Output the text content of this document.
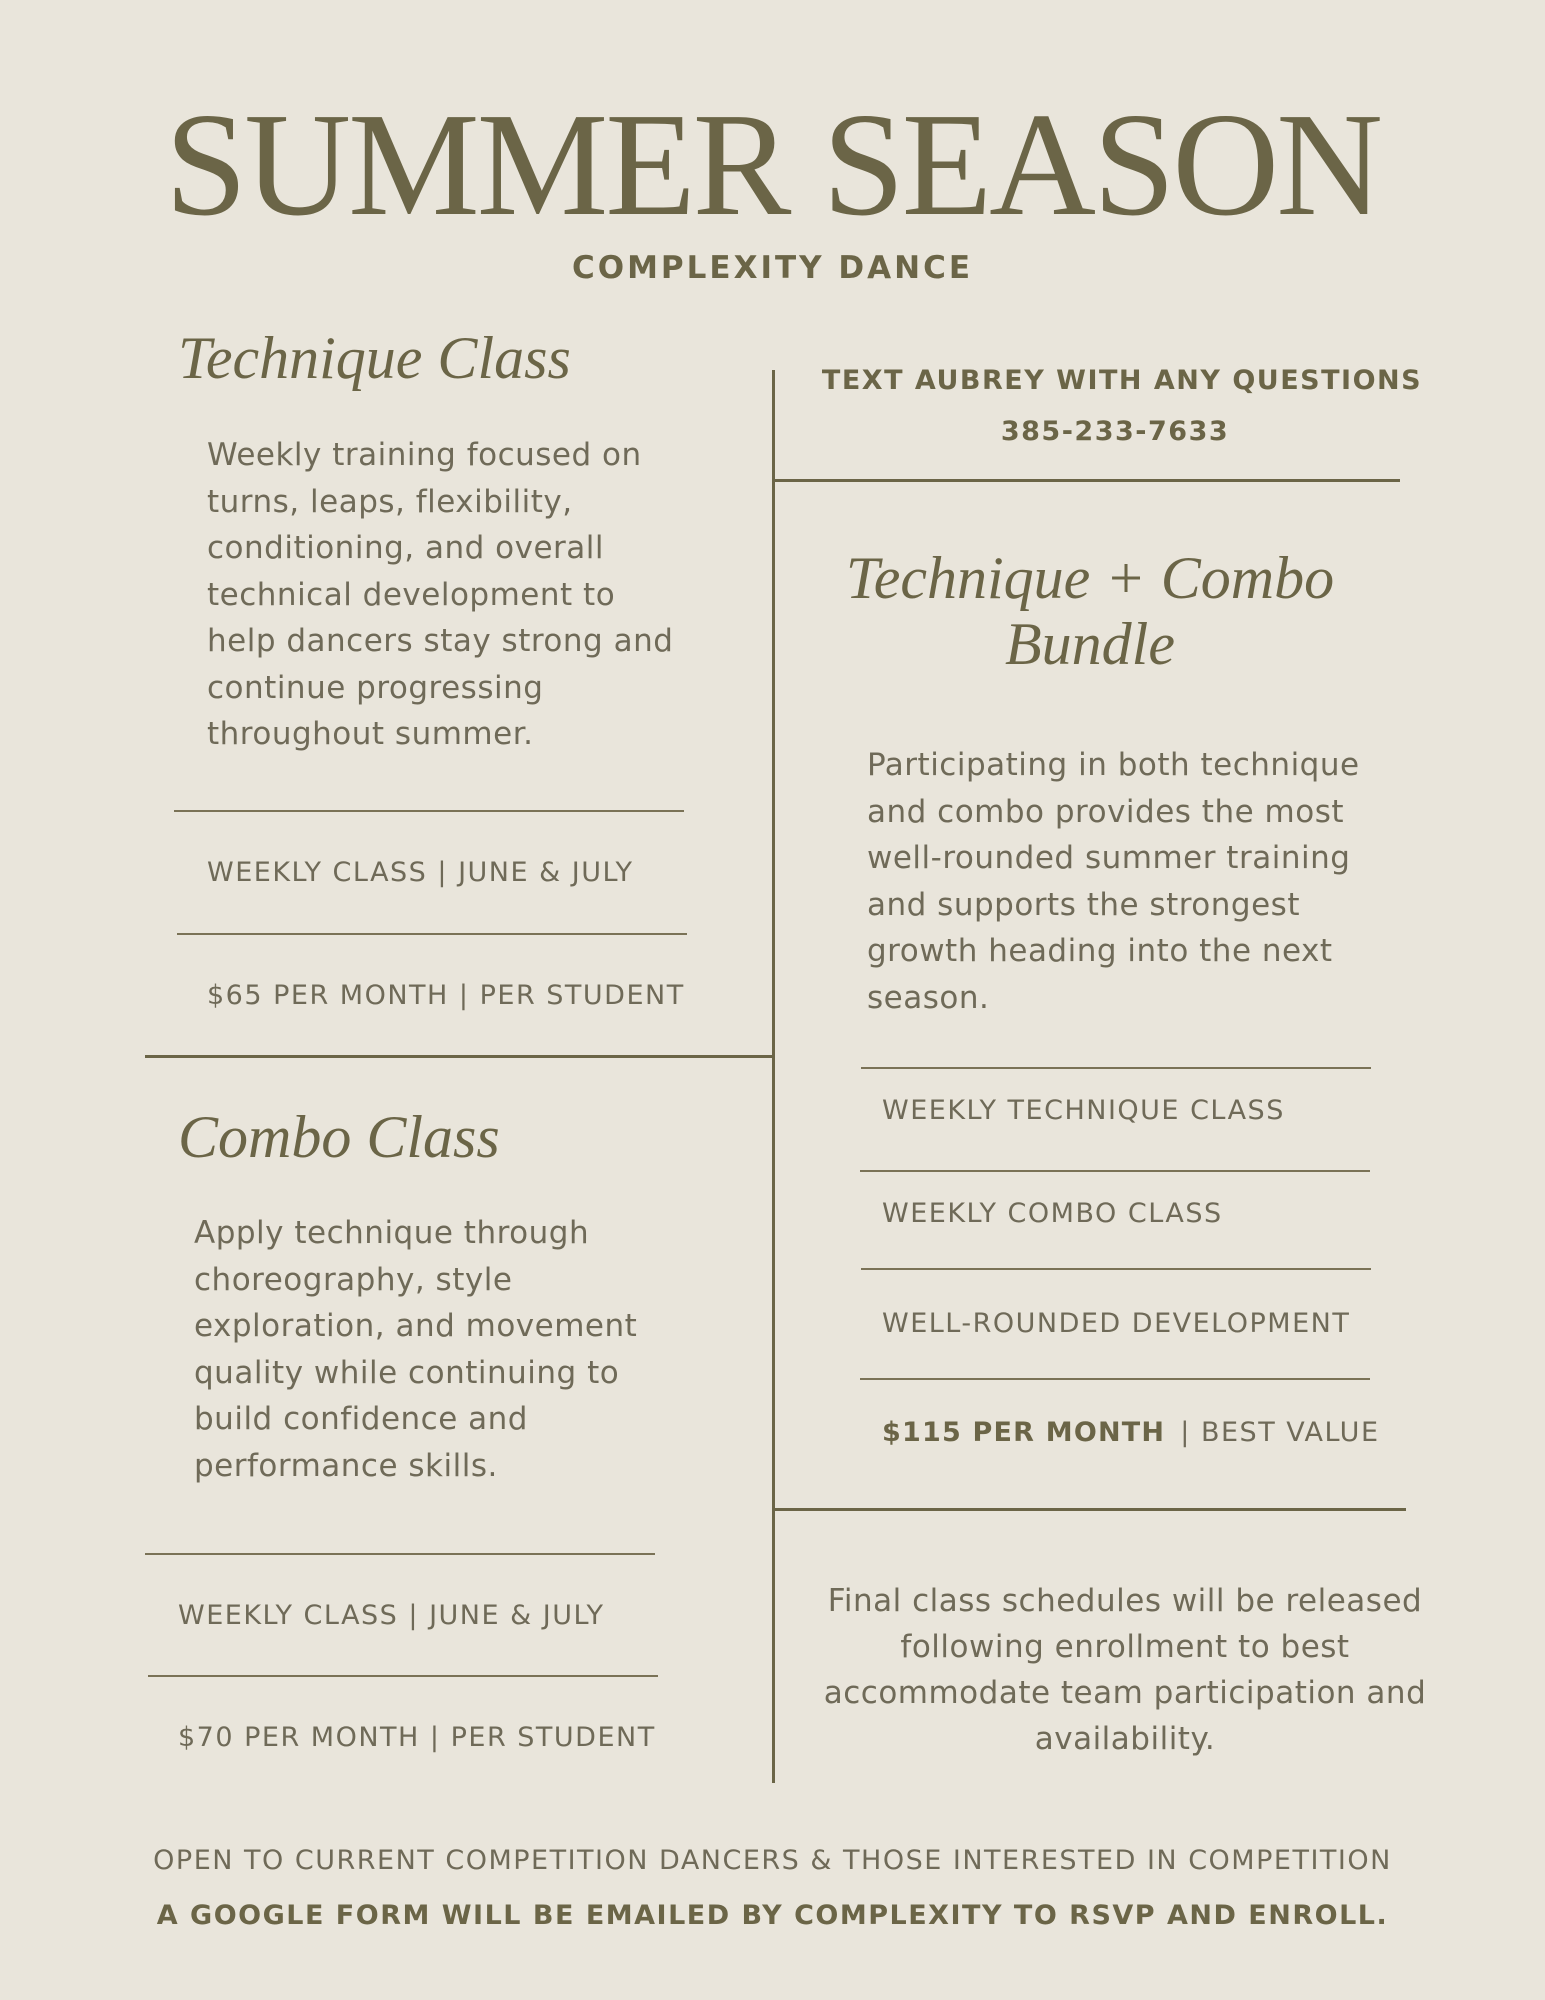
SUMMER SEASON
COMPLEXITY DANCE
Technique Class
Weekly training focused on turns, leaps, flexibility, conditioning, and overall technical development to help dancers stay strong and continue progressing throughout summer.
WEEKLY CLASS | JUNE & JULY
$65 PER MONTH | PER STUDENT
TEXT AUBREY WITH ANY QUESTIONS
385-233-7633
Technique + Combo
Bundle
Participating in both technique and combo provides the most well-rounded summer training and supports the strongest growth heading into the next season.
WEEKLY TECHNIQUE CLASS
WEEKLY COMBO CLASS
WELL-ROUNDED DEVELOPMENT
$115 PER MONTH | BEST VALUE
Combo Class
Apply technique through choreography, style exploration, and movement quality while continuing to build confidence and performance skills.
WEEKLY CLASS | JUNE & JULY
$70 PER MONTH | PER STUDENT
Final class schedules will be released following enrollment to best accommodate team participation and availability.
OPEN TO CURRENT COMPETITION DANCERS & THOSE INTERESTED IN COMPETITION
A GOOGLE FORM WILL BE EMAILED BY COMPLEXITY TO RSVP AND ENROLL.
